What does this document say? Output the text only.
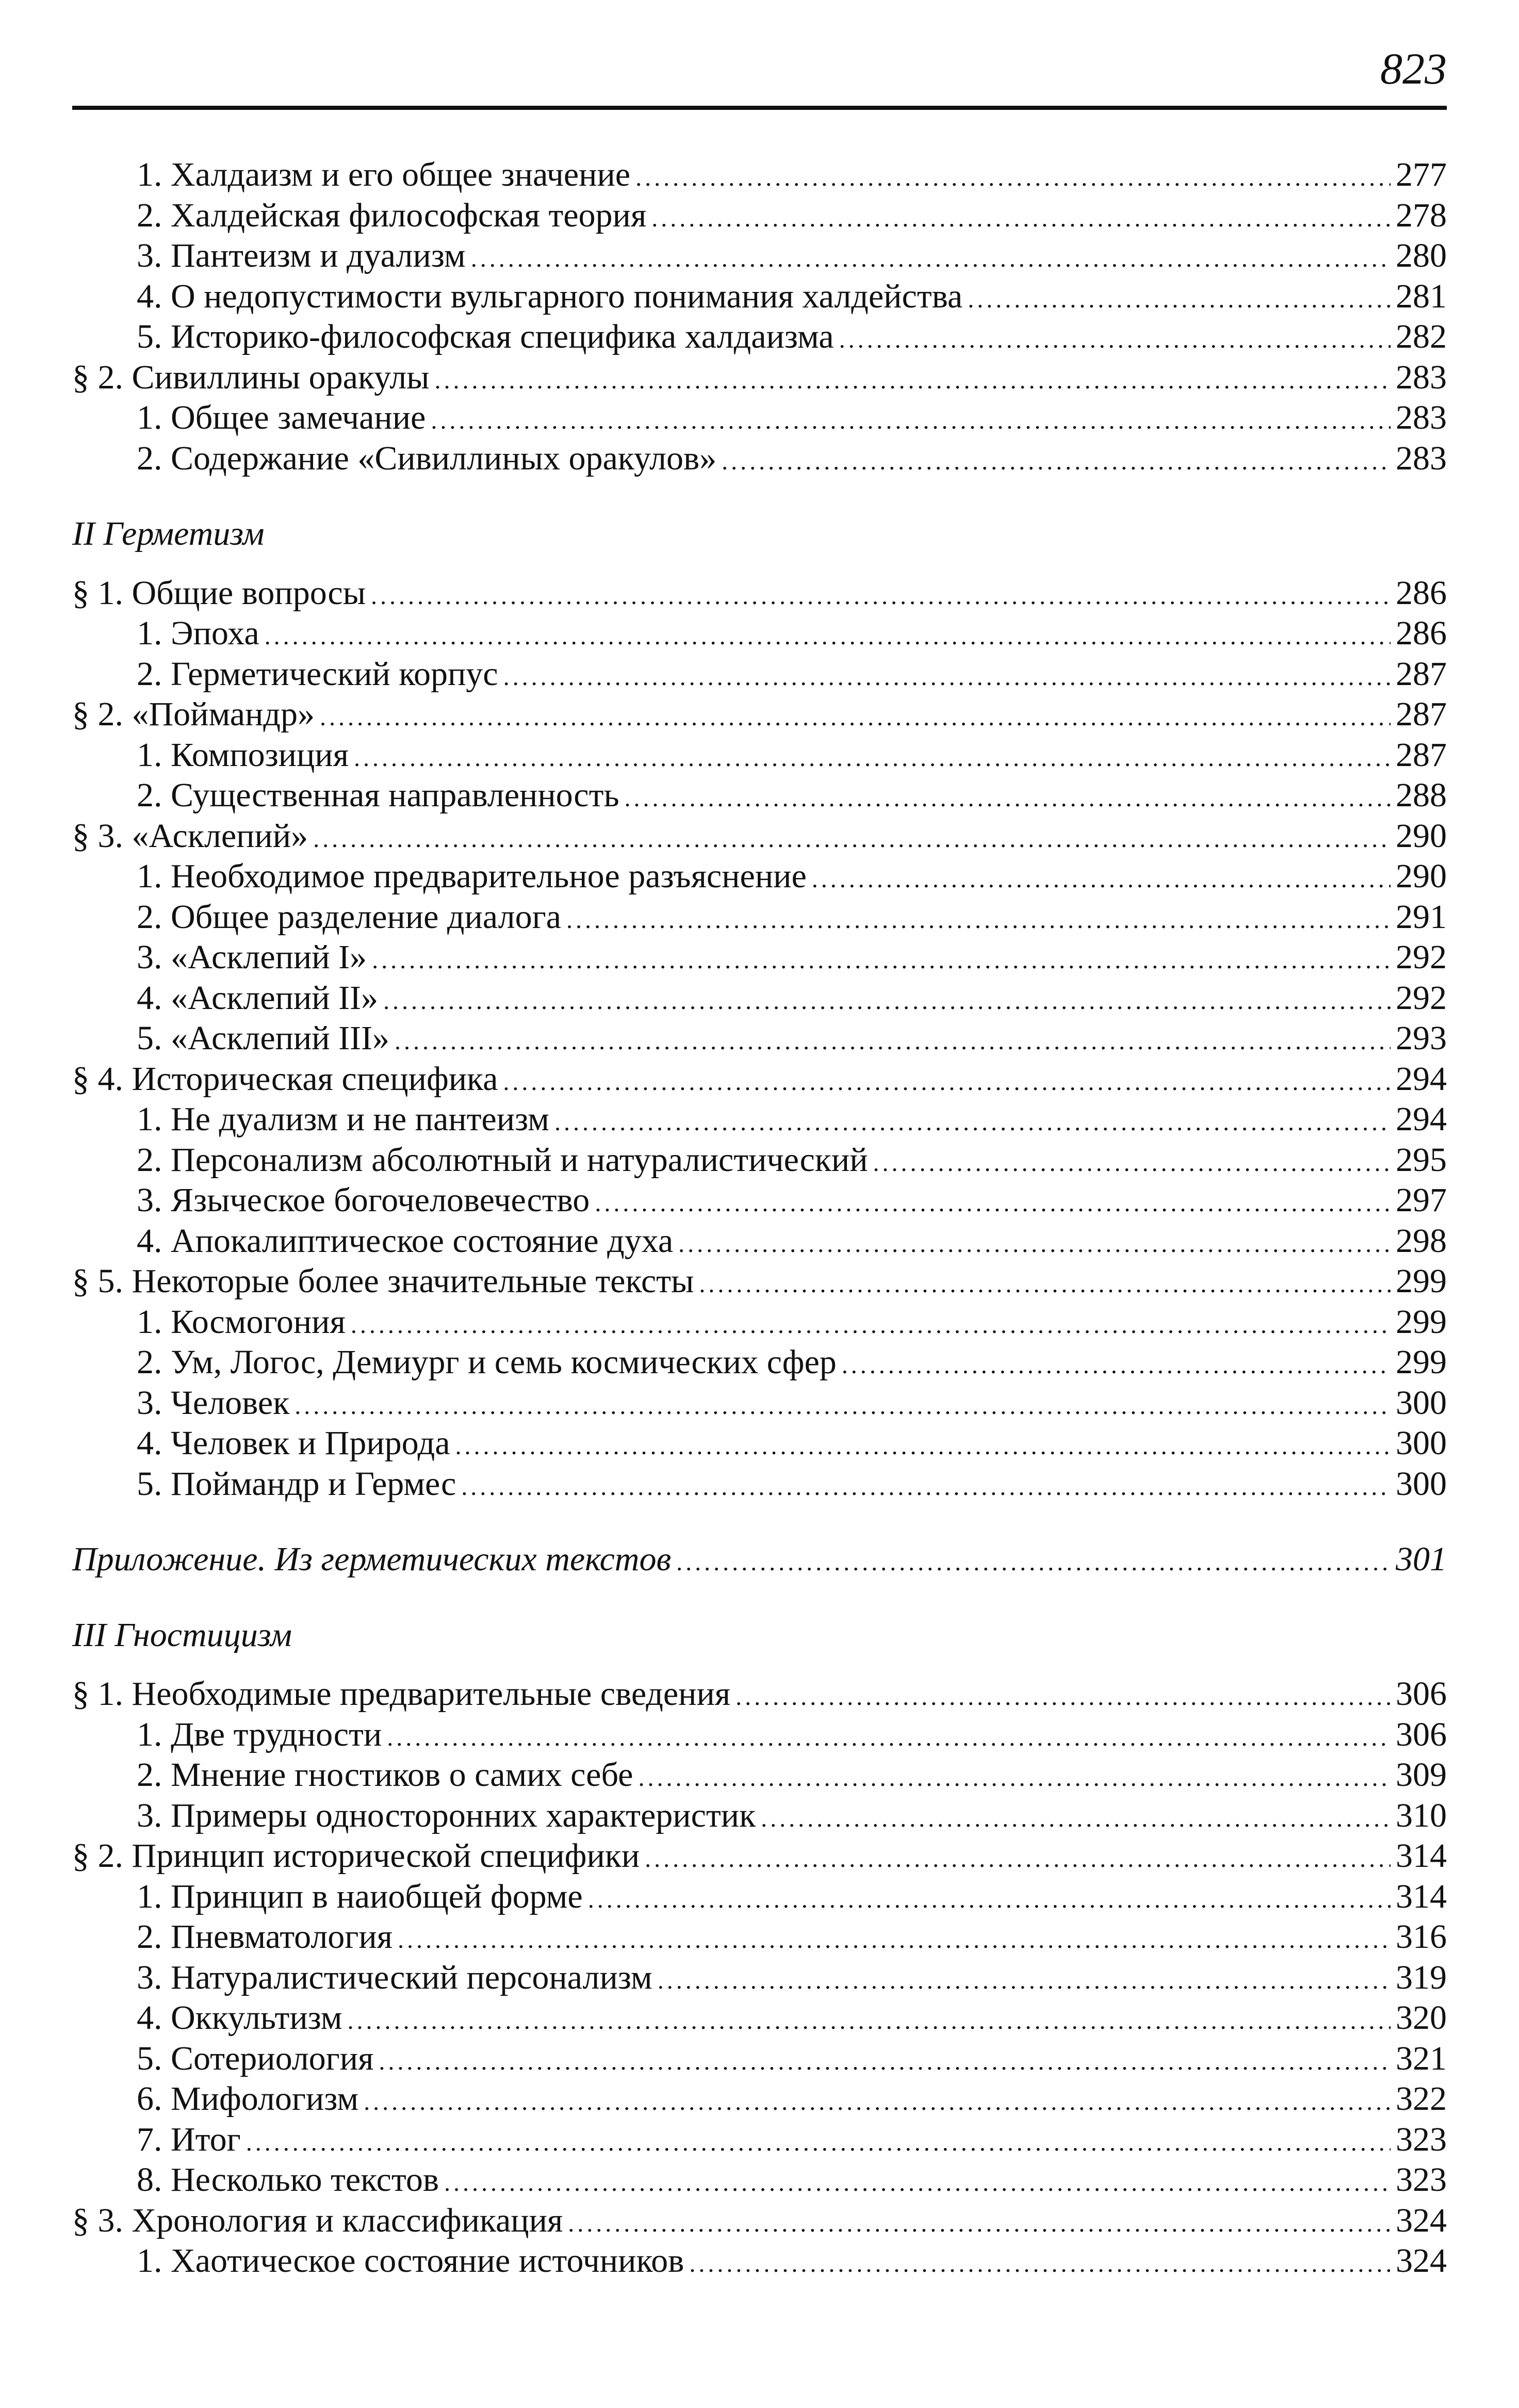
823
1. Халдаизм и его общее значение .....	277
2. Халдейская философская теория .....	278
3. Пантеизм и дуализм .....	280
4. О недопустимости вульгарного понимания халдейства .....	281
5. Историко-философская специфика халдаизма .....	282
§ 2. Сивиллины оракулы .....	283
1. Общее замечание .....	283
2. Содержание «Сивиллиных оракулов» .....	283
II Герметизм
§ 1. Общие вопросы .....	286
1. Эпоха .....	286
2. Герметический корпус .....	287
§ 2. «Поймандр» .....	287
1. Композиция .....	287
2. Существенная направленность .....	288
§ 3. «Асклепий» .....	290
1. Необходимое предварительное разъяснение .....	290
2. Общее разделение диалога .....	291
3. «Асклепий I» .....	292
4. «Асклепий II» .....	292
5. «Асклепий III» .....	293
§ 4. Историческая специфика .....	294
1. Не дуализм и не пантеизм .....	294
2. Персонализм абсолютный и натуралистический .....	295
3. Языческое богочеловечество .....	297
4. Апокалиптическое состояние духа .....	298
§ 5. Некоторые более значительные тексты .....	299
1. Космогония .....	299
2. Ум, Логос, Демиург и семь космических сфер .....	299
3. Человек .....	300
4. Человек и Природа .....	300
5. Поймандр и Гермес .....	300
Приложение. Из герметических текстов .....	301
III Гностицизм
§ 1. Необходимые предварительные сведения .....	306
1. Две трудности .....	306
2. Мнение гностиков о самих себе .....	309
3. Примеры односторонних характеристик .....	310
§ 2. Принцип исторической специфики .....	314
1. Принцип в наиобщей форме .....	314
2. Пневматология .....	316
3. Натуралистический персонализм .....	319
4. Оккультизм .....	320
5. Сотериология .....	321
6. Мифологизм .....	322
7. Итог .....	323
8. Несколько текстов .....	323
§ 3. Хронология и классификация .....	324
1. Хаотическое состояние источников .....	324
